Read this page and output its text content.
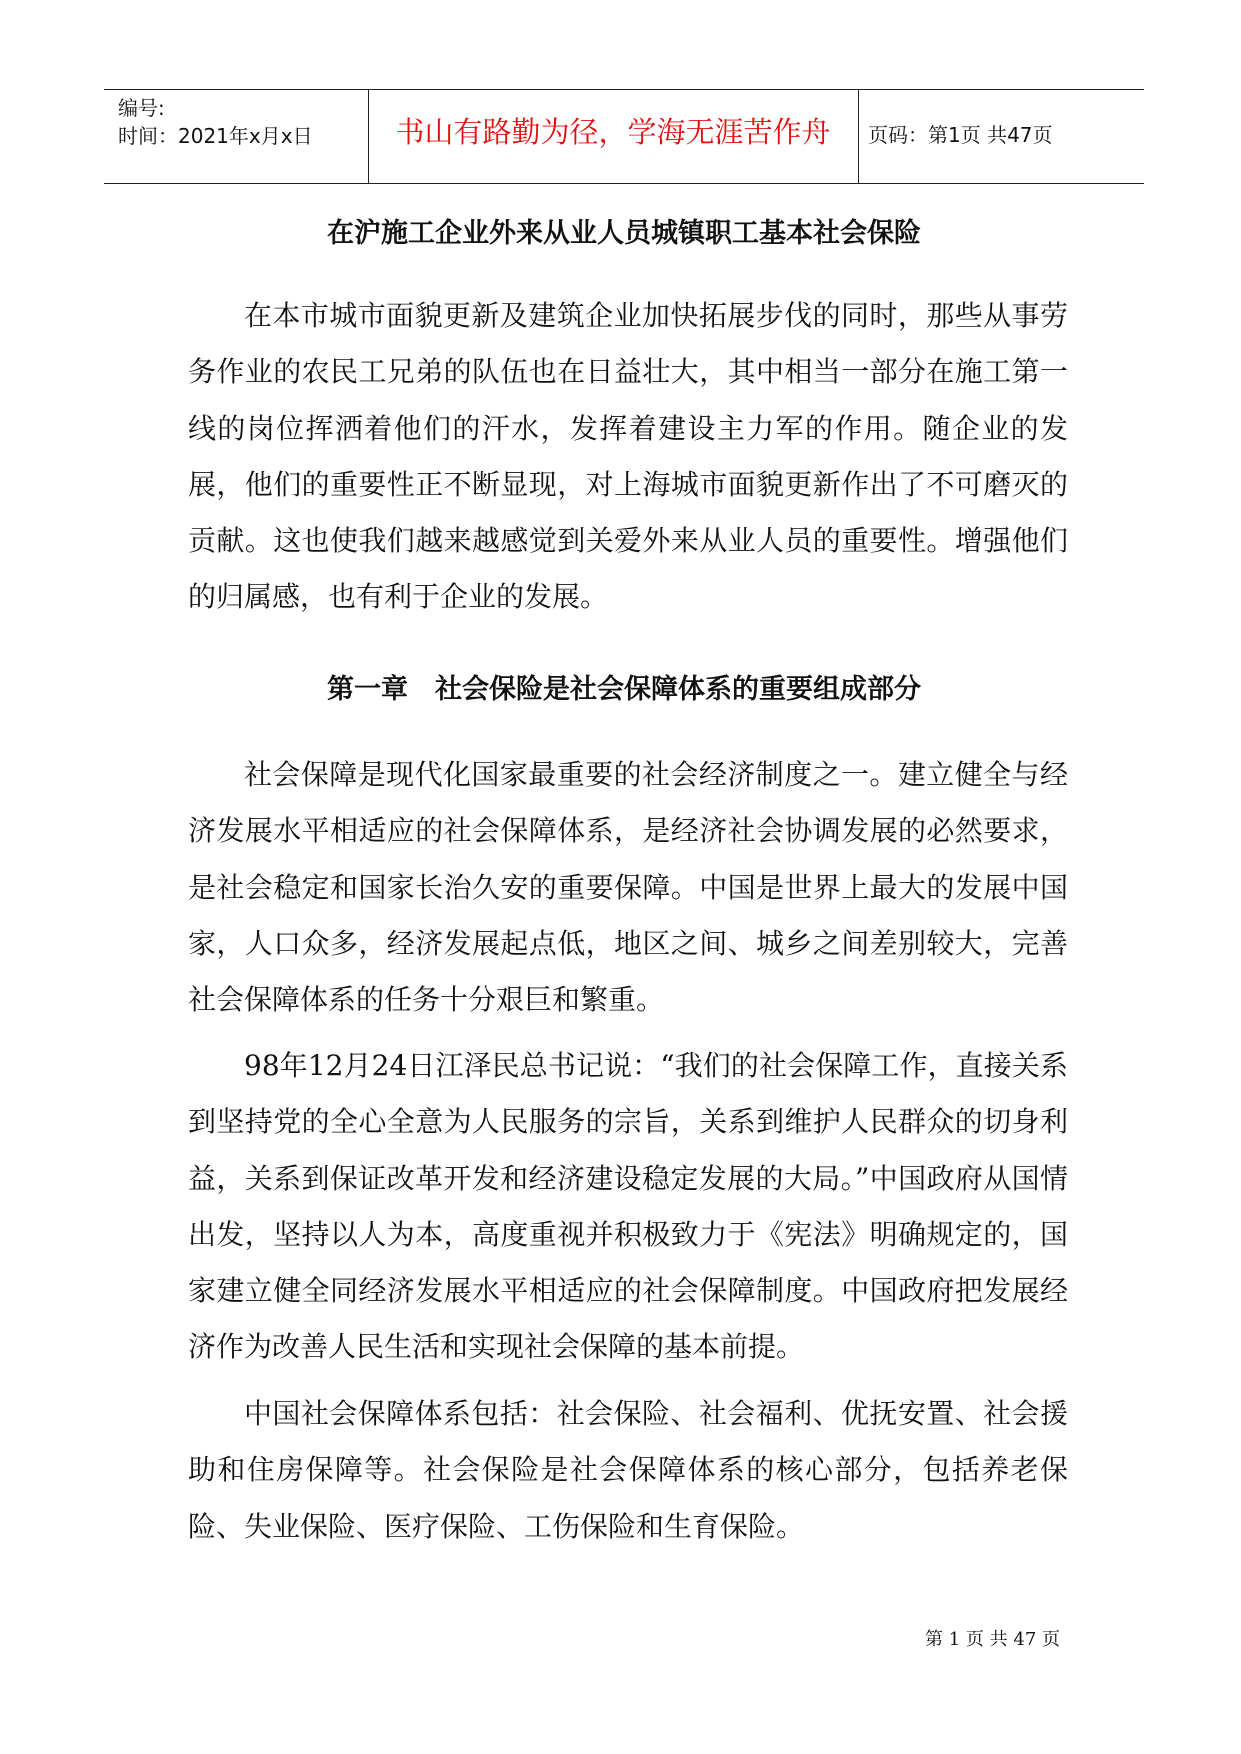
编号:
时间：2021年x月x日	书山有路勤为径，学海无涯苦作舟	页码：第1页 共47页
在沪施工企业外来从业人员城镇职工基本社会保险

在本市城市面貌更新及建筑企业加快拓展步伐的同时，那些从事劳务作业的农民工兄弟的队伍也在日益壮大，其中相当一部分在施工第一线的岗位挥洒着他们的汗水，发挥着建设主力军的作用。随企业的发展，他们的重要性正不断显现，对上海城市面貌更新作出了不可磨灭的贡献。这也使我们越来越感觉到关爱外来从业人员的重要性。增强他们的归属感，也有利于企业的发展。

第一章　社会保险是社会保障体系的重要组成部分

社会保障是现代化国家最重要的社会经济制度之一。建立健全与经济发展水平相适应的社会保障体系，是经济社会协调发展的必然要求，是社会稳定和国家长治久安的重要保障。中国是世界上最大的发展中国家，人口众多，经济发展起点低，地区之间、城乡之间差别较大，完善社会保障体系的任务十分艰巨和繁重。

98年12月24日江泽民总书记说：“我们的社会保障工作，直接关系到坚持党的全心全意为人民服务的宗旨，关系到维护人民群众的切身利益，关系到保证改革开发和经济建设稳定发展的大局。”中国政府从国情出发，坚持以人为本，高度重视并积极致力于《宪法》明确规定的，国家建立健全同经济发展水平相适应的社会保障制度。中国政府把发展经济作为改善人民生活和实现社会保障的基本前提。

中国社会保障体系包括：社会保险、社会福利、优抚安置、社会援助和住房保障等。社会保险是社会保障体系的核心部分，包括养老保险、失业保险、医疗保险、工伤保险和生育保险。

第 1 页 共 47 页
